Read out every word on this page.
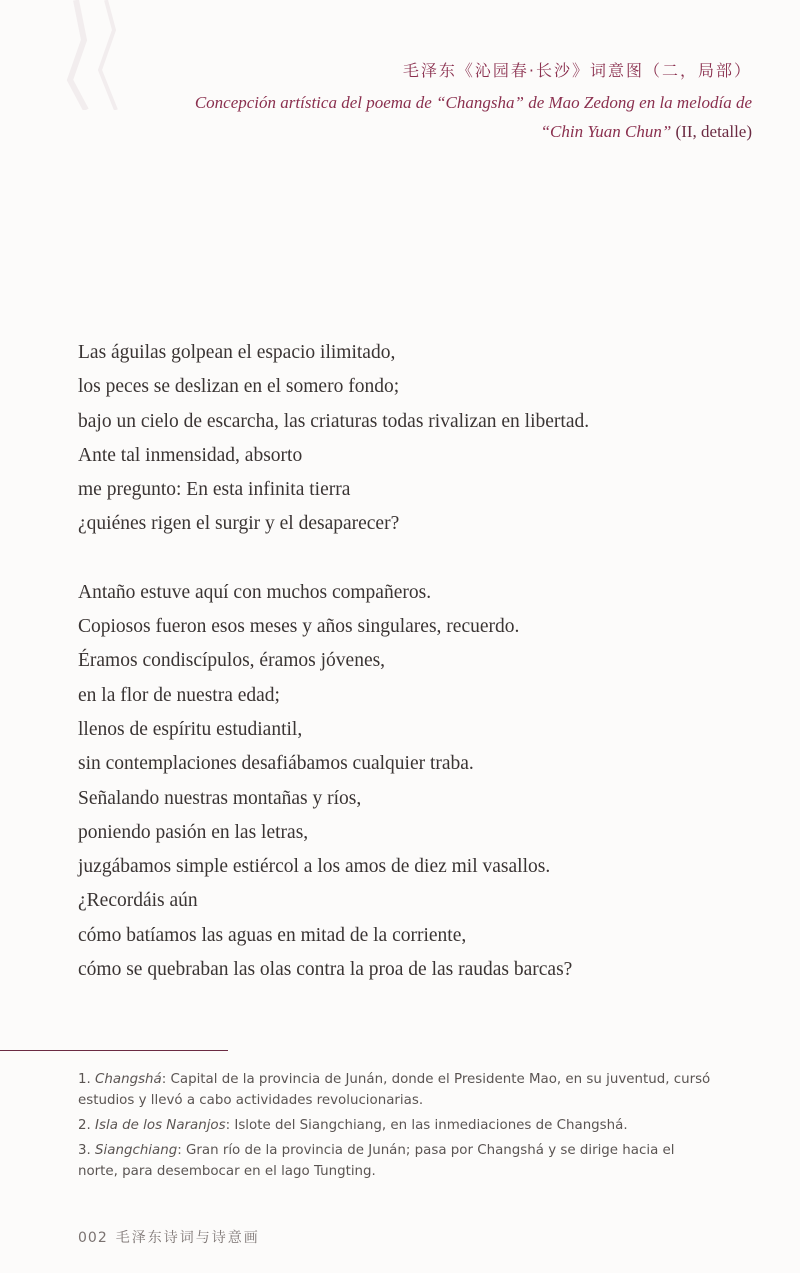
毛泽东《沁园春·长沙》词意图（二，局部）
Concepción artística del poema de “Changsha” de Mao Zedong en la melodía de
“Chin Yuan Chun” (II, detalle)
Las águilas golpean el espacio ilimitado,
los peces se deslizan en el somero fondo;
bajo un cielo de escarcha, las criaturas todas rivalizan en libertad.
Ante tal inmensidad, absorto
me pregunto: En esta infinita tierra
¿quiénes rigen el surgir y el desaparecer?
Antaño estuve aquí con muchos compañeros.
Copiosos fueron esos meses y años singulares, recuerdo.
Éramos condiscípulos, éramos jóvenes,
en la flor de nuestra edad;
llenos de espíritu estudiantil,
sin contemplaciones desafiábamos cualquier traba.
Señalando nuestras montañas y ríos,
poniendo pasión en las letras,
juzgábamos simple estiércol a los amos de diez mil vasallos.
¿Recordáis aún
cómo batíamos las aguas en mitad de la corriente,
cómo se quebraban las olas contra la proa de las raudas barcas?
1. Changshá: Capital de la provincia de Junán, donde el Presidente Mao, en su juventud, cursó estudios y llevó a cabo actividades revolucionarias.
2. Isla de los Naranjos: Islote del Siangchiang, en las inmediaciones de Changshá.
3. Siangchiang: Gran río de la provincia de Junán; pasa por Changshá y se dirige hacia el norte, para desembocar en el lago Tungting.
002 毛泽东诗词与诗意画
